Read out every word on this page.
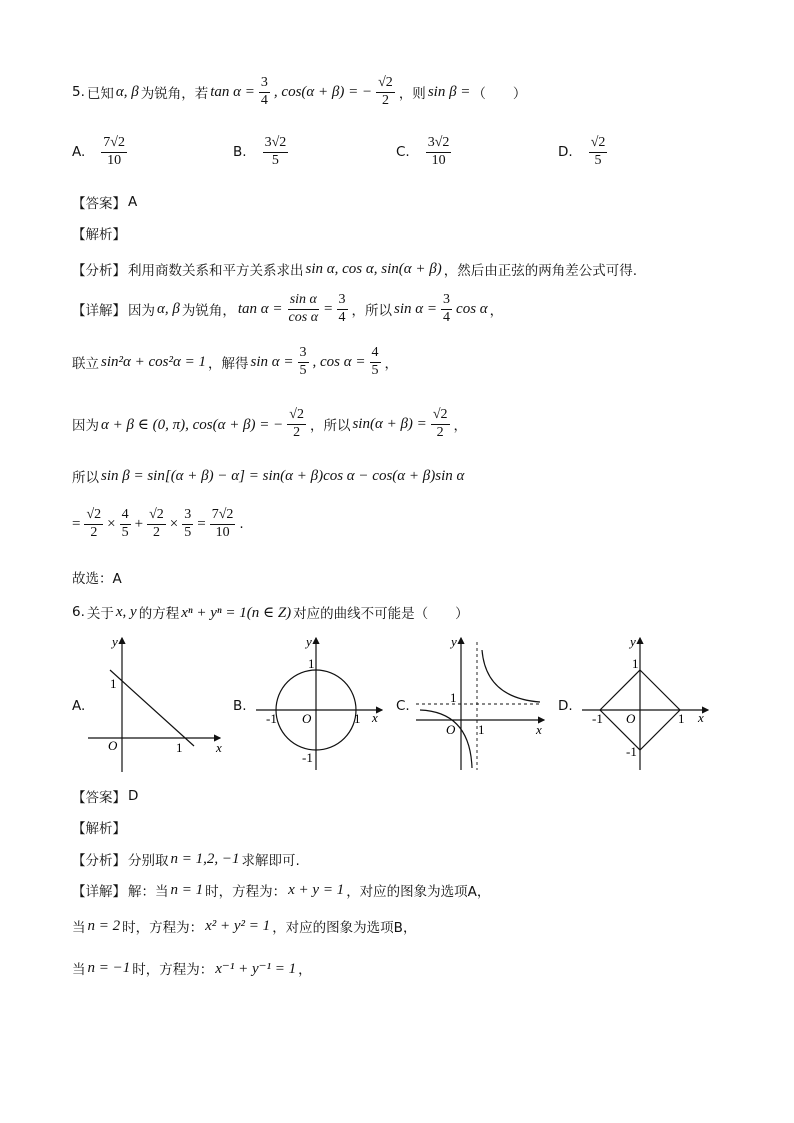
5. 已知 α, β 为锐角，若 $\tan \alpha = \frac{3}{4}$ , cos(α + β) = − $\frac{√2}{2}$ ，则 sin β = （　　）
A. $\frac{7√2}{10}$	B. $\frac{3√2}{5}$	C. $\frac{3√2}{10}$	D. $\frac{√2}{5}$
【答案】 A
【解析】
【分析】 利用商数关系和平方关系求出 sin α, cos α, sin(α + β) ，然后由正弦的两角差公式可得.
【详解】 因为 α, β 为锐角， $\tan \alpha = \frac{\text{sin α}}{\text{cos α}} = \frac{3}{4}$ ，所以 $\sin \alpha = \frac{3}{4}$ cos α ，
联立 sin²α + cos²α = 1 ，解得 $\sin \alpha = \frac{3}{5}$ , $\cos \alpha = \frac{4}{5}$ ，
因为 α + β ∈ (0, π), cos(α + β) = − $\frac{√2}{2}$ ，所以 $\sin(\alpha + \beta) = \frac{√2}{2}$ ，
所以 sin β = sin[(α + β) − α] = sin(α + β)cos α − cos(α + β)sin α
= $\frac{√2}{2} \times \frac{4}{5} + \frac{√2}{2} \times \frac{3}{5} = \frac{7√2}{10}$ .
故选：A
6. 关于 x, y 的方程 xⁿ + yⁿ = 1(n ∈ Z) 对应的曲线不可能是（　　）
A.	B.	C.	D.
y
x
O
1
1
y
x
O
1
1
-1
-1
y
x
O
1
1
y
x
O
1
1
-1
-1
【答案】 D
【解析】
【分析】 分别取 n = 1,2, −1 求解即可.
【详解】 解：当 n = 1 时，方程为： x + y = 1 ，对应的图象为选项A，
当 n = 2 时，方程为： x² + y² = 1 ，对应的图象为选项B，
当 n = −1 时，方程为： x⁻¹ + y⁻¹ = 1 ，
